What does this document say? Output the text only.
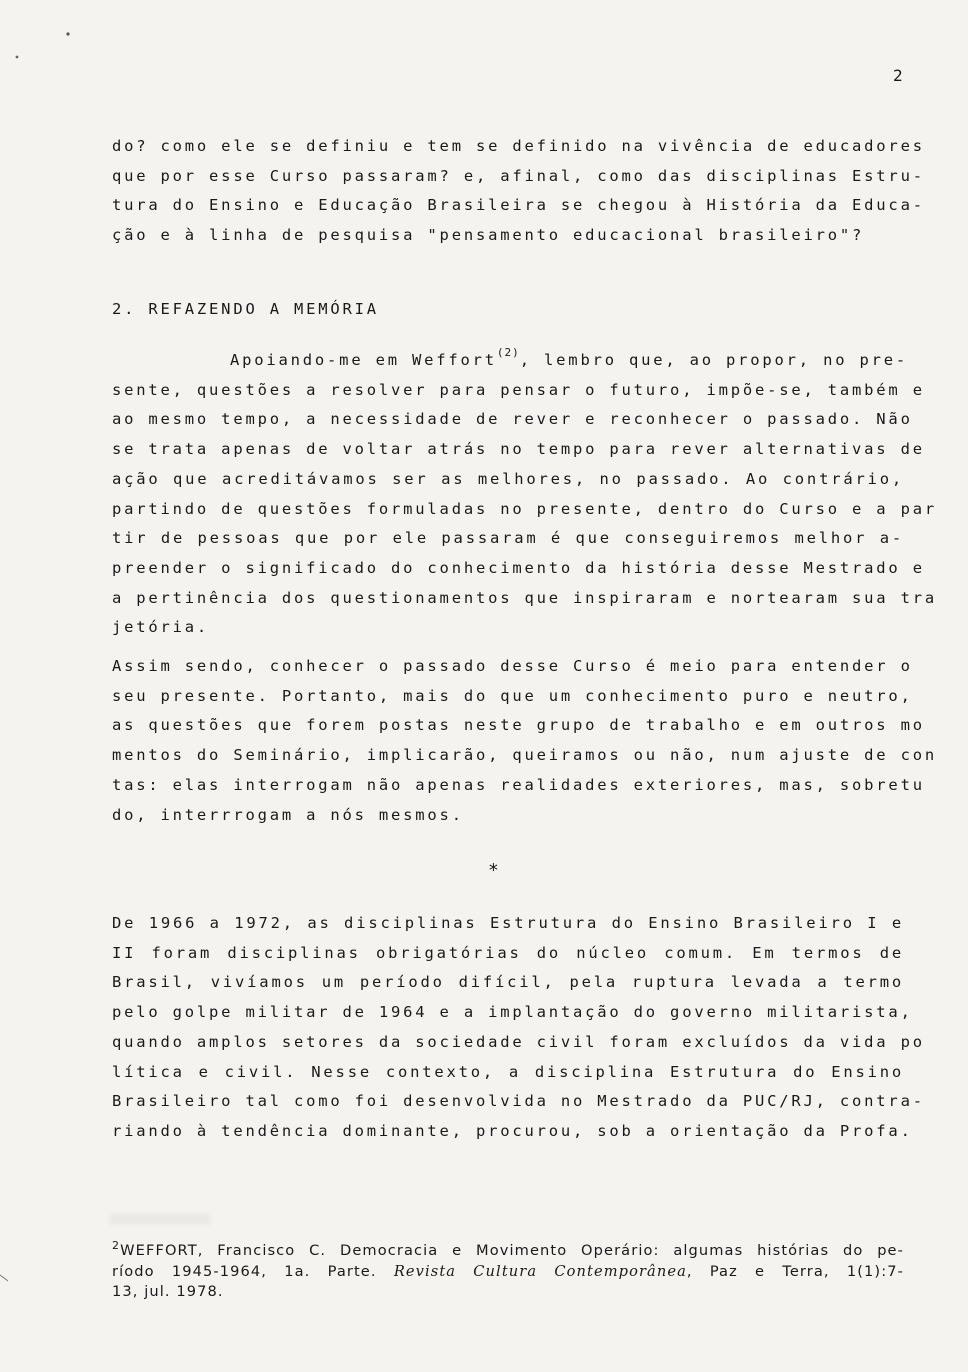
2
do? como ele se definiu e tem se definido na vivência de educadores
que por esse Curso passaram? e, afinal, como das disciplinas Estru-
tura do Ensino e Educação Brasileira se chegou à História da Educa-
ção e à linha de pesquisa "pensamento educacional brasileiro"?
2. REFAZENDO A MEMÓRIA
Apoiando-me em Weffort$^{(2)}$, lembro que, ao propor, no pre-
sente, questões a resolver para pensar o futuro, impõe-se, também e
ao mesmo tempo, a necessidade de rever e reconhecer o passado. Não
se trata apenas de voltar atrás no tempo para rever alternativas de
ação que acreditávamos ser as melhores, no passado. Ao contrário,
partindo de questões formuladas no presente, dentro do Curso e a par
tir de pessoas que por ele passaram é que conseguiremos melhor a-
preender o significado do conhecimento da história desse Mestrado e
a pertinência dos questionamentos que inspiraram e nortearam sua tra
jetória.
Assim sendo, conhecer o passado desse Curso é meio para entender o
seu presente. Portanto, mais do que um conhecimento puro e neutro,
as questões que forem postas neste grupo de trabalho e em outros mo
mentos do Seminário, implicarão, queiramos ou não, num ajuste de con
tas: elas interrogam não apenas realidades exteriores, mas, sobretu
do, interrrogam a nós mesmos.
*
De 1966 a 1972, as disciplinas Estrutura do Ensino Brasileiro I e
II foram disciplinas obrigatórias do núcleo comum. Em termos de
Brasil, vivíamos um período difícil, pela ruptura levada a termo
pelo golpe militar de 1964 e a implantação do governo militarista,
quando amplos setores da sociedade civil foram excluídos da vida po
lítica e civil. Nesse contexto, a disciplina Estrutura do Ensino
Brasileiro tal como foi desenvolvida no Mestrado da PUC/RJ, contra-
riando à tendência dominante, procurou, sob a orientação da Profa.
$^2$WEFFORT, Francisco C. Democracia e Movimento Operário: algumas histórias do pe-
ríodo 1945-1964, 1a. Parte. Revista Cultura Contemporânea, Paz e Terra, 1(1):7-
13, jul. 1978.
